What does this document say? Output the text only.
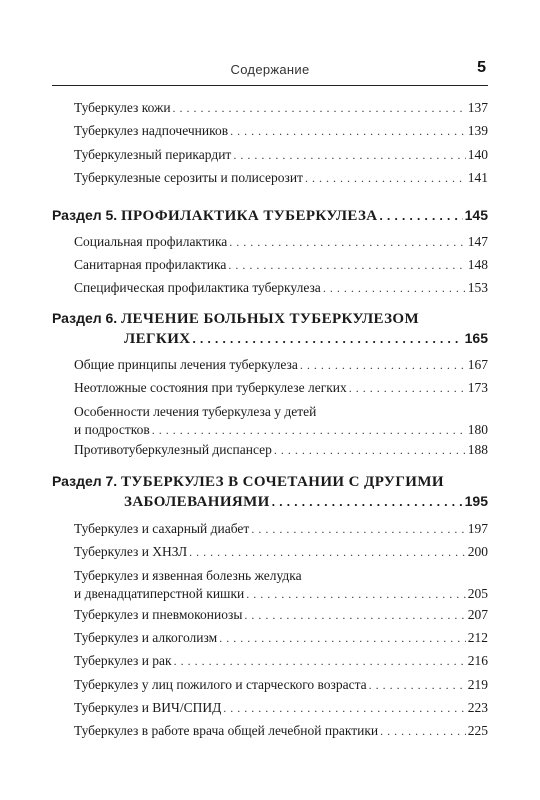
Содержание	5
Туберкулез кожи . . .	137
Туберкулез надпочечников . . .	139
Туберкулезный перикардит . . .	140
Туберкулезные серозиты и полисерозит . . .	141
Раздел 5. ПРОФИЛАКТИКА ТУБЕРКУЛЕЗА . . .	145
Социальная профилактика . . .	147
Санитарная профилактика . . .	148
Специфическая профилактика туберкулеза . . .	153
Раздел 6. ЛЕЧЕНИЕ БОЛЬНЫХ ТУБЕРКУЛЕЗОМ
ЛЕГКИХ . . .	165
Общие принципы лечения туберкулеза . . .	167
Неотложные состояния при туберкулезе легких . . .	173
Особенности лечения туберкулеза у детей
и подростков . . .	180
Противотуберкулезный диспансер . . .	188
Раздел 7. ТУБЕРКУЛЕЗ В СОЧЕТАНИИ С ДРУГИМИ
ЗАБОЛЕВАНИЯМИ . . .	195
Туберкулез и сахарный диабет . . .	197
Туберкулез и ХНЗЛ . . .	200
Туберкулез и язвенная болезнь желудка
и двенадцатиперстной кишки . . .	205
Туберкулез и пневмокониозы . . .	207
Туберкулез и алкоголизм . . .	212
Туберкулез и рак . . .	216
Туберкулез у лиц пожилого и старческого возраста . . .	219
Туберкулез и ВИЧ/СПИД . . .	223
Туберкулез в работе врача общей лечебной практики . . .	225
